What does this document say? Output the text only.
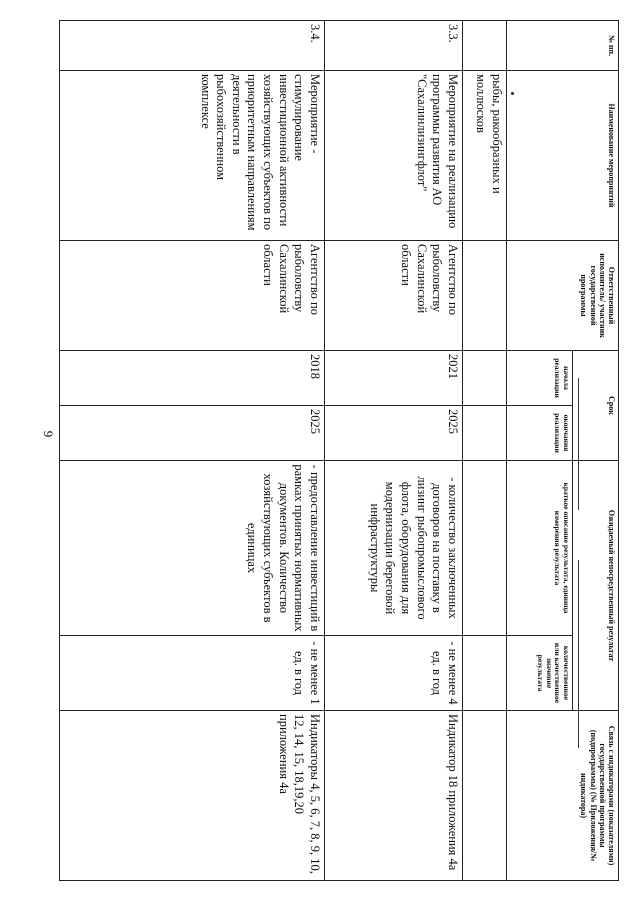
9
№ пп.	Наименование мероприятий	Ответственный исполнитель/ участник государственной программы	Срок		Ожидаемый непосредственный результат		Связь с индикаторами (показателями) государственной программы (подпрограммы) (№ Приложения/№ индикатора)
			начала реализации	окончания реализации	краткое описание результата, единица измерения результата	количественное или качественное значение результата	
	рыбы, ракообразных и моллюсков						
3.3.	Мероприятие на реализацию программы развития АО "Сахалинлизингфлот"	Агентство по рыболовству Сахалинской области	2021	2025	- количество заключенных договоров на поставку в лизинг рыбопромыслового флота, оборудования для модернизации береговой инфраструктуры	- не менее 4 ед. в год	Индикатор 18 приложения 4а
3.4.	Мероприятие - стимулирование инвестиционной активности хозяйствующих субъектов по приоритетным направлениям деятельности в рыбохозяйственном комплексе	Агентство по рыболовству Сахалинской области	2018	2025	- предоставление инвестиций в рамках принятых нормативных документов. Количество хозяйствующих субъектов в единицах	- не менее 1 ед. в год	Индикаторы 4, 5, 6, 7, 8, 9, 10, 12, 14, 15, 18,19,20 приложения 4а
